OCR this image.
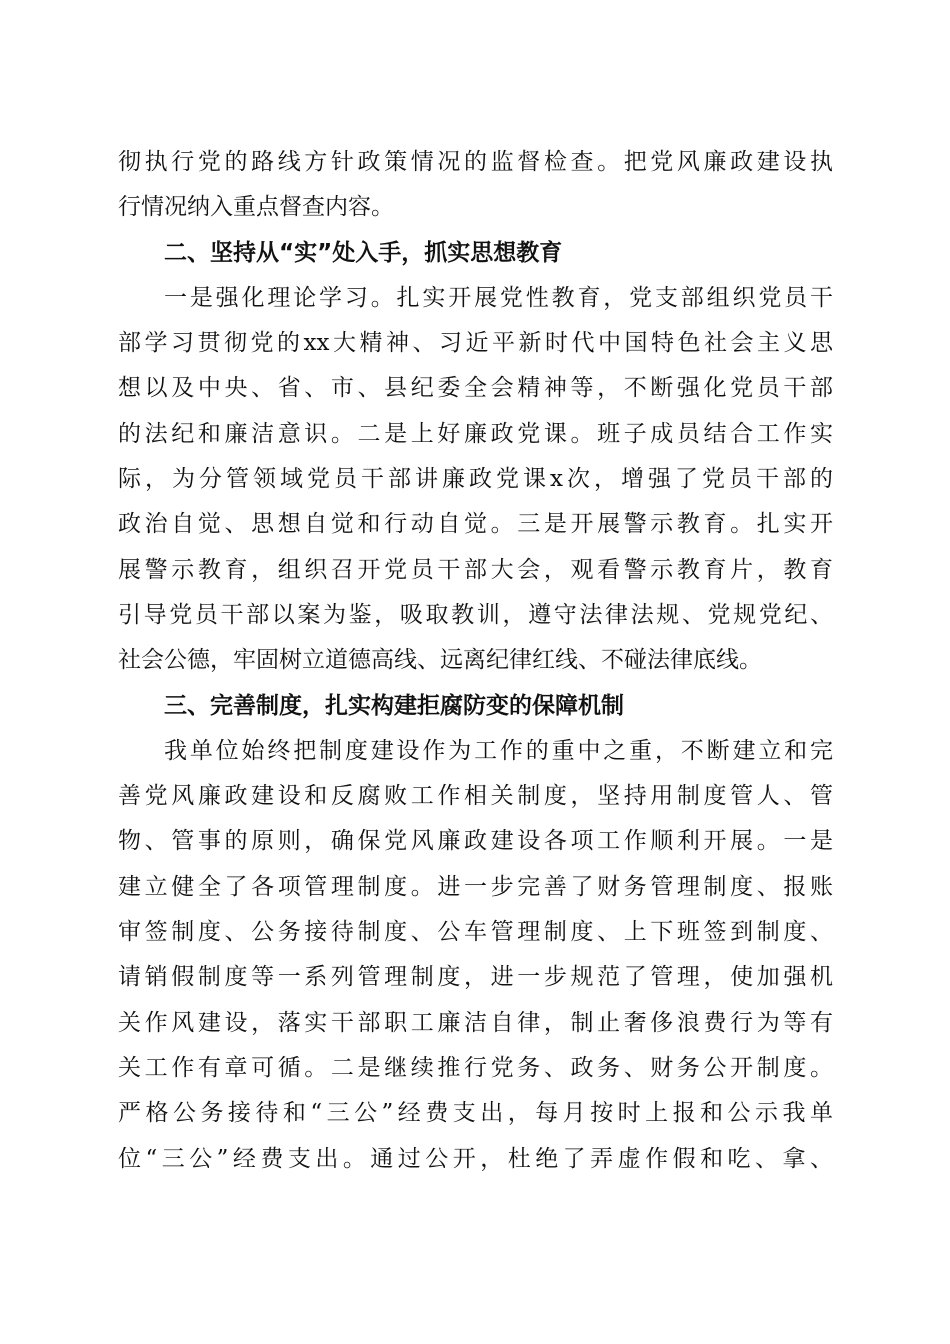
彻执行党的路线方针政策情况的监督检查。把党风廉政建设执
行情况纳入重点督查内容。
二、坚持从“实”处入手，抓实思想教育
一是强化理论学习。扎实开展党性教育，党支部组织党员干
部学习贯彻党的xx大精神、习近平新时代中国特色社会主义思
想以及中央、省、市、县纪委全会精神等，不断强化党员干部
的法纪和廉洁意识。二是上好廉政党课。班子成员结合工作实
际，为分管领域党员干部讲廉政党课x次，增强了党员干部的
政治自觉、思想自觉和行动自觉。三是开展警示教育。扎实开
展警示教育，组织召开党员干部大会，观看警示教育片，教育
引导党员干部以案为鉴，吸取教训，遵守法律法规、党规党纪、
社会公德，牢固树立道德高线、远离纪律红线、不碰法律底线。
三、完善制度，扎实构建拒腐防变的保障机制
我单位始终把制度建设作为工作的重中之重，不断建立和完
善党风廉政建设和反腐败工作相关制度，坚持用制度管人、管
物、管事的原则，确保党风廉政建设各项工作顺利开展。一是
建立健全了各项管理制度。进一步完善了财务管理制度、报账
审签制度、公务接待制度、公车管理制度、上下班签到制度、
请销假制度等一系列管理制度，进一步规范了管理，使加强机
关作风建设，落实干部职工廉洁自律，制止奢侈浪费行为等有
关工作有章可循。二是继续推行党务、政务、财务公开制度。
严格公务接待和“三公”经费支出，每月按时上报和公示我单
位“三公”经费支出。通过公开，杜绝了弄虚作假和吃、拿、
